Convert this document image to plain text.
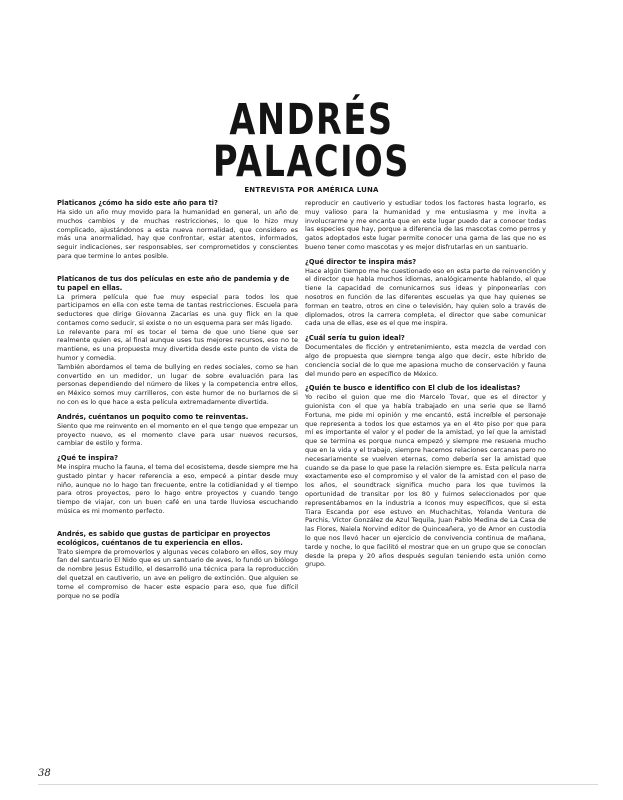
ANDRÉS
PALACIOS
ENTREVISTA POR AMÉRICA LUNA

Platicanos ¿cómo ha sido este año para ti?

Ha sido un año muy movido para la humanidad en general, un año de muchos cambios y de muchas restricciones, lo que lo hizo muy complicado, ajustándonos a esta nueva normalidad, que considero es más una anormalidad, hay que confrontar, estar atentos, informados, seguir indicaciones, ser responsables, ser comprometidos y conscientes para que termine lo antes posible.

Platícanos de tus dos películas en este año de pandemia y de tu papel en ellas.

La primera película que fue muy especial para todos los que participamos en ella con este tema de tantas restricciones. Escuela para seductores que dirige Giovanna Zacarías es una guy flick en la que contamos como seducir, si existe o no un esquema para ser más ligado.

Lo relevante para mí es tocar el tema de que uno tiene que ser realmente quien es, al final aunque uses tus mejores recursos, eso no te mantiene, es una propuesta muy divertida desde este punto de vista de humor y comedia.

También abordamos el tema de bullying en redes sociales, como se han convertido en un medidor, un lugar de sobre evaluación para las personas dependiendo del número de likes y la competencia entre ellos, en México somos muy carrilleros, con este humor de no burlarnos de si no con es lo que hace a esta película extremadamente divertida.

Andrés, cuéntanos un poquito como te reinventas.

Siento que me reinvento en el momento en el que tengo que empezar un proyecto nuevo, es el momento clave para usar nuevos recursos, cambiar de estilo y forma.

¿Qué te inspira?

Me inspira mucho la fauna, el tema del ecosistema, desde siempre me ha gustado pintar y hacer referencia a eso, empecé a pintar desde muy niño, aunque no lo hago tan frecuente, entre la cotidianidad y el tiempo para otros proyectos, pero lo hago entre proyectos y cuando tengo tiempo de viajar, con un buen café en una tarde lluviosa escuchando música es mi momento perfecto.

Andrés, es sabido que gustas de participar en proyectos ecológicos, cuéntanos de tu experiencia en ellos.

Trato siempre de promoverlos y algunas veces colaboro en ellos, soy muy fan del santuario El Nido que es un santuario de aves, lo fundó un biólogo de nombre Jesus Estudillo, el desarrolló una técnica para la reproducción del quetzal en cautiverio, un ave en peligro de extinción. Que alguien se tome el compromiso de hacer este espacio para eso, que fue difícil porque no se podía

reproducir en cautiverio y estudiar todos los factores hasta lograrlo, es muy valioso para la humanidad y me entusiasma y me invita a involucrarme y me encanta que en este lugar puedo dar a conocer todas las especies que hay, porque a diferencia de las mascotas como perros y gatos adoptados este lugar permite conocer una gama de las que no es bueno tener como mascotas y es mejor disfrutarlas en un santuario.

¿Qué director te inspira más?

Hace algún tiempo me he cuestionado eso en esta parte de reinvención y el director que habla muchos idiomas, analógicamente hablando, el que tiene la capacidad de comunicarnos sus ideas y pinponearías con nosotros en función de las diferentes escuelas ya que hay quienes se forman en teatro, otros en cine o televisión, hay quien solo a través de diplomados, otros la carrera completa, el director que sabe comunicar cada una de ellas, ese es el que me inspira.

¿Cuál sería tu guion ideal?

Documentales de ficción y entretenimiento, esta mezcla de verdad con algo de propuesta que siempre tenga algo que decir, este híbrido de conciencia social de lo que me apasiona mucho de conservación y fauna del mundo pero en específico de México.

¿Quién te busco e identifico con El club de los idealistas?

Yo recibo el guion que me dio Marcelo Tovar, que es el director y guionista con el que ya había trabajado en una serie que se llamó Fortuna, me pide mi opinión y me encantó, está increíble el personaje que representa a todos los que estamos ya en el 4to piso por que para mí es importante el valor y el poder de la amistad, yo leí que la amistad que se termina es porque nunca empezó y siempre me resuena mucho que en la vida y el trabajo, siempre hacemos relaciones cercanas pero no necesariamente se vuelven eternas, como debería ser la amistad que cuando se da pase lo que pase la relación siempre es. Esta película narra exactamente eso el compromiso y el valor de la amistad con el paso de los años, el soundtrack significa mucho para los que tuvimos la oportunidad de transitar por los 80 y fuimos seleccionados por que representábamos en la industria a Iconos muy específicos, que si esta Tiara Escanda por ese estuvo en Muchachitas, Yolanda Ventura de Parchis, Víctor González de Azul Tequila, Juan Pablo Medina de La Casa de las Flores, Naiela Norvind editor de Quinceañera, yo de Amor en custodia lo que nos llevó hacer un ejercicio de convivencia continua de mañana, tarde y noche, lo que facilitó el mostrar que en un grupo que se conocían desde la prepa y 20 años después seguían teniendo esta unión como grupo.

38
